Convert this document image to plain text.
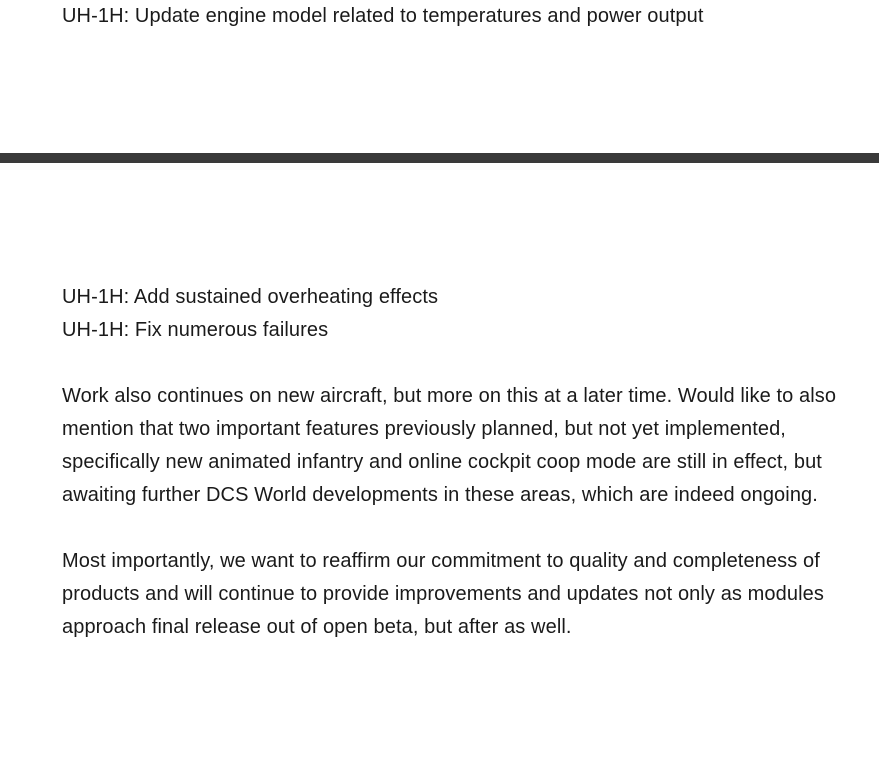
UH-1H: Update engine model related to temperatures and power output

UH-1H: Add sustained overheating effects

UH-1H: Fix numerous failures

Work also continues on new aircraft, but more on this at a later time. Would like to also mention that two important features previously planned, but not yet implemented, specifically new animated infantry and online cockpit coop mode are still in effect, but awaiting further DCS World developments in these areas, which are indeed ongoing.

Most importantly, we want to reaffirm our commitment to quality and completeness of products and will continue to provide improvements and updates not only as modules approach final release out of open beta, but after as well.
